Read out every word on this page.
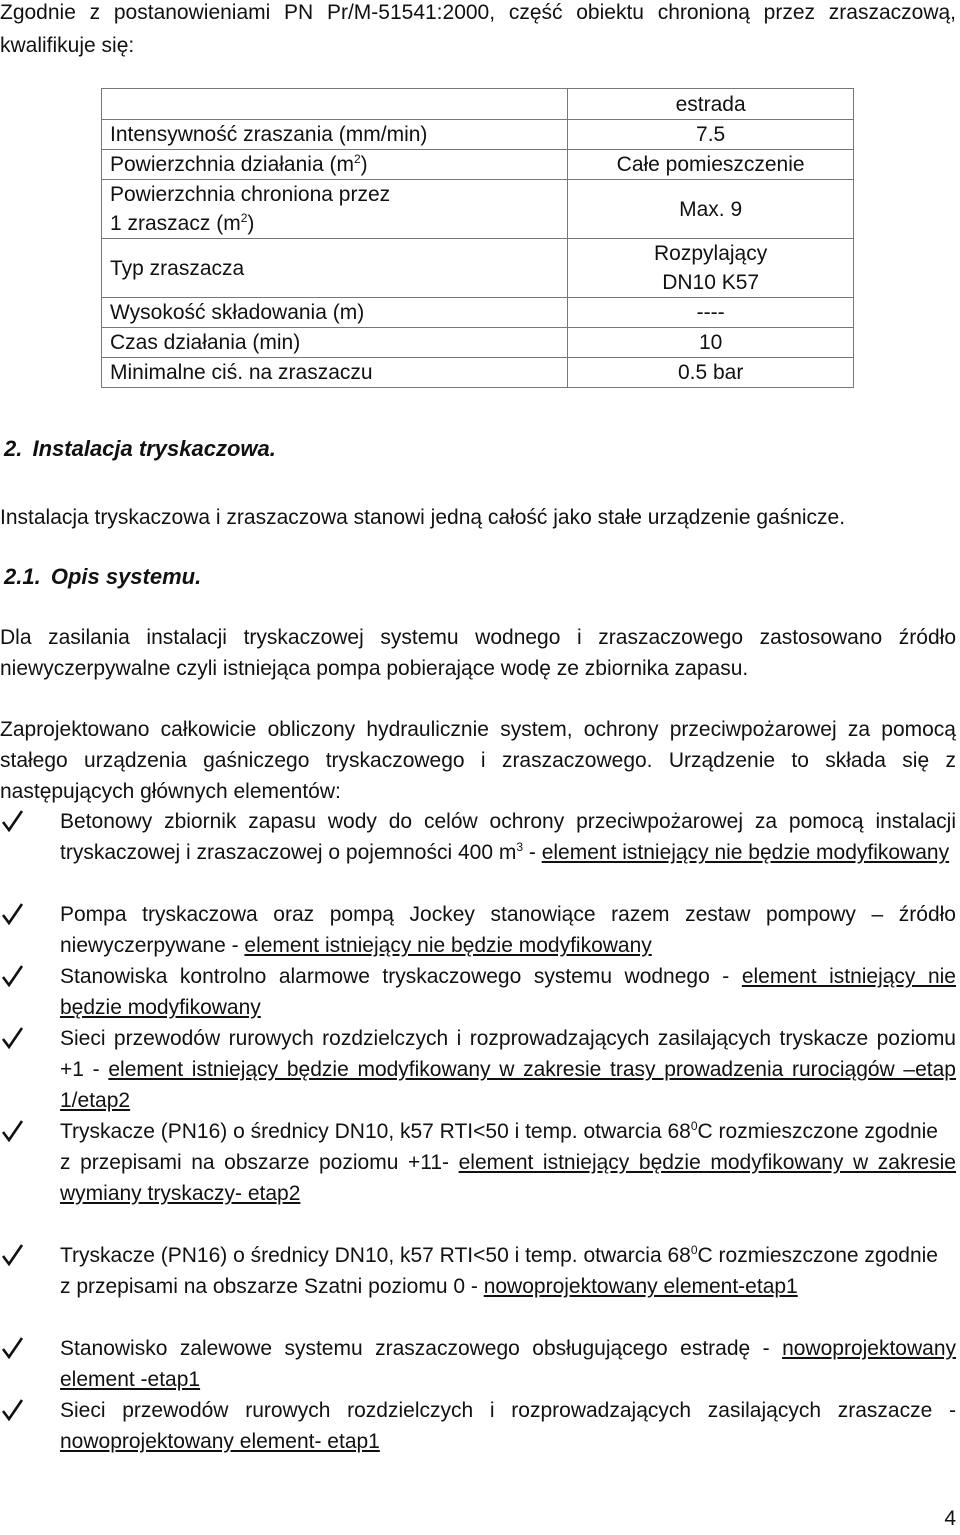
Zgodnie z postanowieniami PN Pr/M-51541:2000, część obiektu chronioną przez zraszaczową, kwalifikuje się:
	estrada
Intensywność zraszania (mm/min)	7.5
Powierzchnia działania $(m^2)$	Całe pomieszczenie

Powierzchnia chroniona przez
1 zraszacz $(m^2)$	Max. 9
Typ zraszacza	Rozpylający
DN10 K57

Wysokość składowania (m)	----
Czas działania (min)	10
Minimalne ciś. na zraszaczu	0.5 bar
2. Instalacja tryskaczowa.
Instalacja tryskaczowa i zraszaczowa stanowi jedną całość jako stałe urządzenie gaśnicze.
2.1. Opis systemu.
Dla zasilania instalacji tryskaczowej systemu wodnego i zraszaczowego zastosowano źródło niewyczerpywalne czyli istniejąca pompa pobierające wodę ze zbiornika zapasu.
Zaprojektowano całkowicie obliczony hydraulicznie system, ochrony przeciwpożarowej za pomocą stałego urządzenia gaśniczego tryskaczowego i zraszaczowego. Urządzenie to składa się z następujących głównych elementów:
Betonowy zbiornik zapasu wody do celów ochrony przeciwpożarowej za pomocą instalacji tryskaczowej i zraszaczowej o pojemności 400 $m^3$ - element istniejący nie będzie modyfikowany
Pompa tryskaczowa oraz pompą Jockey stanowiące razem zestaw pompowy – źródło niewyczerpywane - element istniejący nie będzie modyfikowany
Stanowiska kontrolno alarmowe tryskaczowego systemu wodnego - element istniejący nie będzie modyfikowany
Sieci przewodów rurowych rozdzielczych i rozprowadzających zasilających tryskacze poziomu +1 - element istniejący będzie modyfikowany w zakresie trasy prowadzenia rurociągów –etap 1/etap2
Tryskacze (PN16) o średnicy DN10, k57 RTI<50 i temp. otwarcia $68^0C$ rozmieszczone zgodnie
z przepisami na obszarze poziomu +11- element istniejący będzie modyfikowany w zakresie wymiany tryskaczy- etap2
Tryskacze (PN16) o średnicy DN10, k57 RTI<50 i temp. otwarcia $68^0C$ rozmieszczone zgodnie
z przepisami na obszarze Szatni poziomu 0 - nowoprojektowany element-etap1
Stanowisko zalewowe systemu zraszaczowego obsługującego estradę - nowoprojektowany element -etap1
Sieci przewodów rurowych rozdzielczych i rozprowadzających zasilających zraszacze - nowoprojektowany element- etap1
4
